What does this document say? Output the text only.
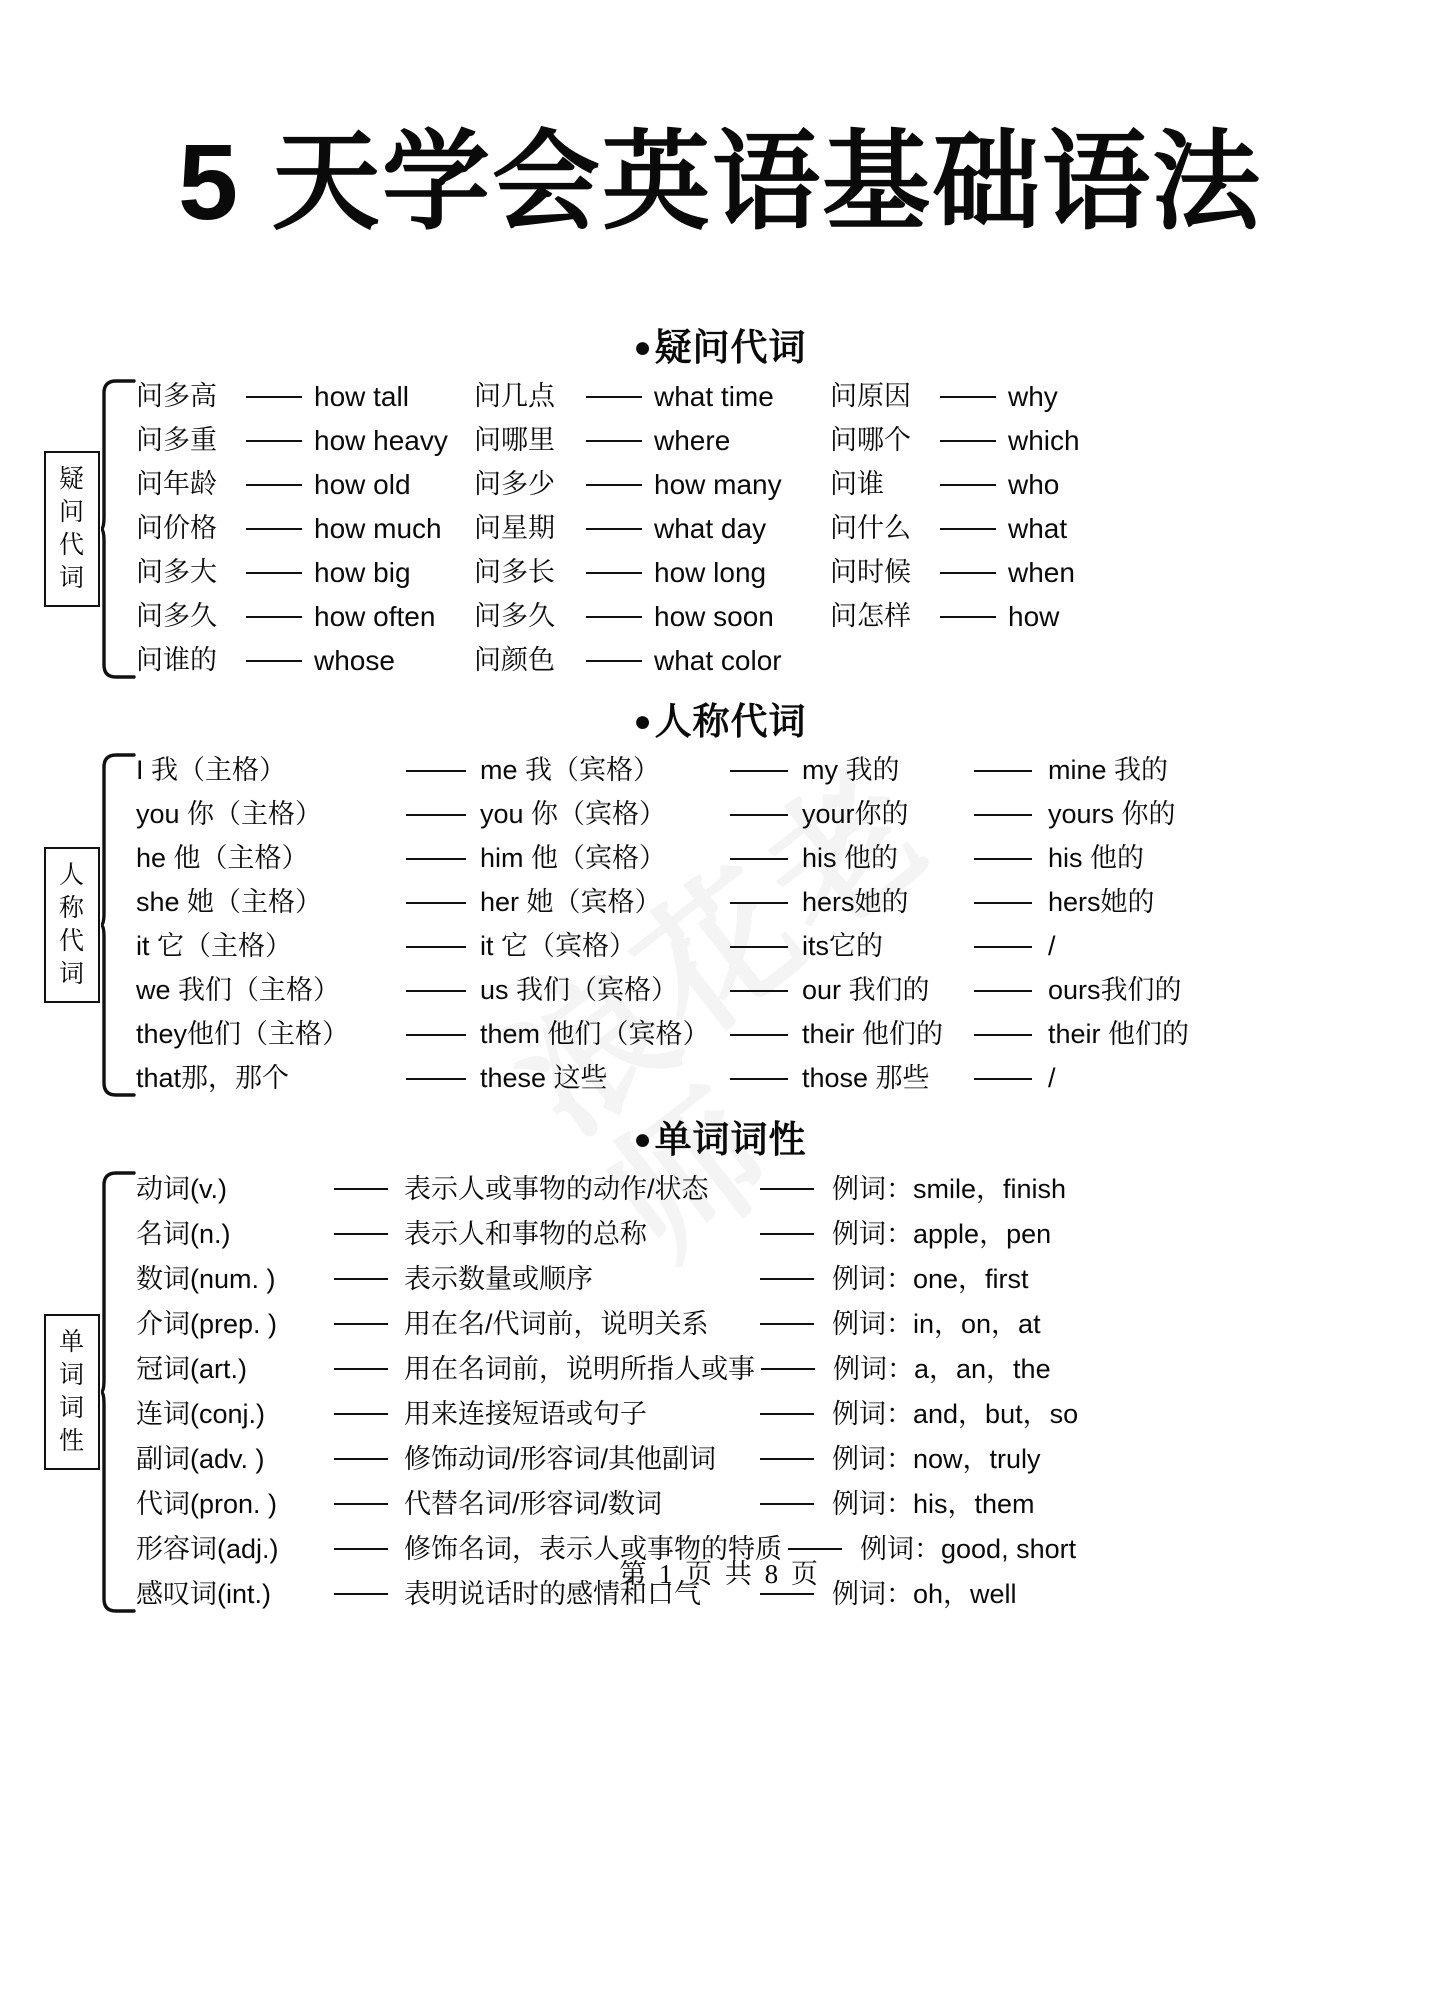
5 天学会英语基础语法
●疑问代词
疑
问
代
词
问多高	how tall	问几点	what time	问原因	why
问多重	how heavy 问哪里	where	问哪个	which
问年龄	how old	问多少	how many	问谁	who
问价格	how much	问星期	what day	问什么	what
问多大	how big	问多长	how long	问时候	when
问多久	how often	问多久	how soon	问怎样	how
问谁的	whose	问颜色	what color
●人称代词
人
称
代
词
I 我（主格）	me 我（宾格）	my 我的	mine 我的
you 你（主格）	you 你（宾格）	your你的	yours 你的
he 他（主格）	him 他（宾格）	his 他的	his 他的
she 她（主格）	her 她（宾格）	hers她的	hers她的
it 它（主格）	it 它（宾格）	its它的	/
we 我们（主格）	us 我们（宾格）	our 我们的	ours我们的
they他们（主格）	them 他们（宾格）	their 他们的	their 他们的
that那，那个	these 这些	those 那些	/
●单词词性
单
词
词
性
动词(v.)	表示人或事物的动作/状态	例词：smile，finish
名词(n.)	表示人和事物的总称	例词：apple，pen
数词(num. )	表示数量或顺序	例词：one，first
介词(prep. )	用在名/代词前，说明关系	例词：in，on，at
冠词(art.)	用在名词前，说明所指人或事	例词：a，an，the
连词(conj.)	用来连接短语或句子	例词：and，but，so
副词(adv. )	修饰动词/形容词/其他副词	例词：now，truly
代词(pron. )	代替名词/形容词/数词	例词：his，them
形容词(adj.)	修饰名词，表示人或事物的特质	例词：good, short
感叹词(int.)	表明说话时的感情和口气	例词：oh，well
第 1 页 共 8 页
